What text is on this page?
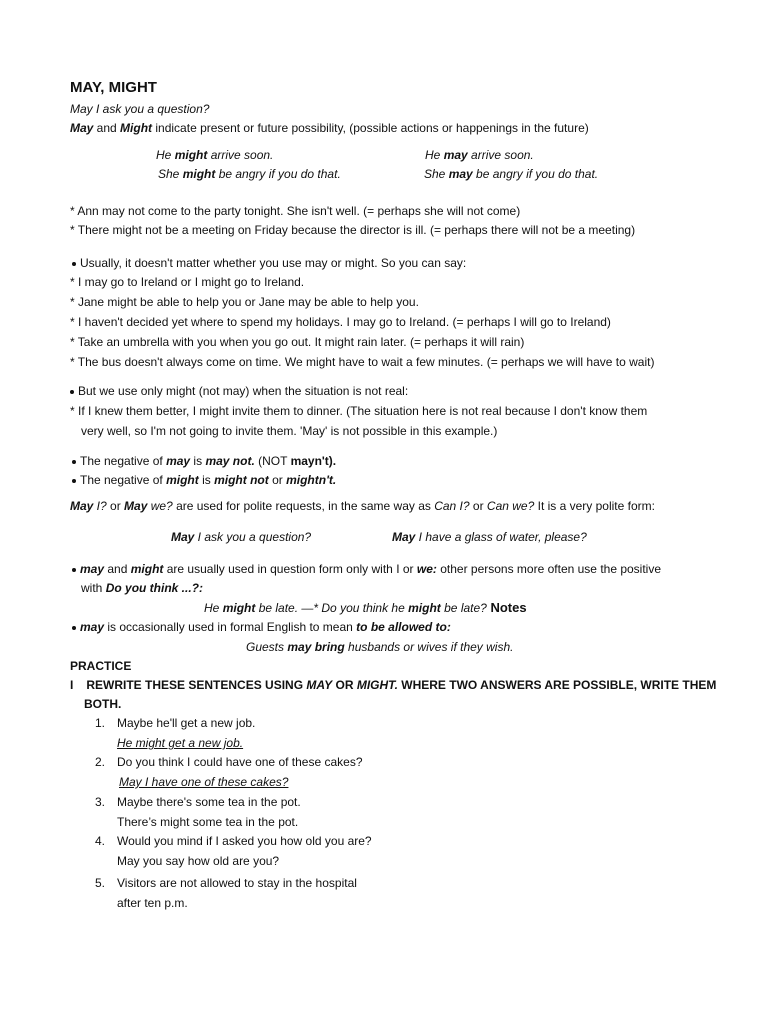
MAY, MIGHT
May I ask you a question?
May and Might indicate present or future possibility, (possible actions or happenings in the future)
He might arrive soon.
She might be angry if you do that.
He may arrive soon.
She may be angry if you do that.
* Ann may not come to the party tonight. She isn't well. (= perhaps she will not come)
* There might not be a meeting on Friday because the director is ill. (= perhaps there will not be a meeting)
Usually, it doesn't matter whether you use may or might. So you can say:
* I may go to Ireland or I might go to Ireland.
* Jane might be able to help you or Jane may be able to help you.
* I haven't decided yet where to spend my holidays. I may go to Ireland. (= perhaps I will go to Ireland)
* Take an umbrella with you when you go out. It might rain later. (= perhaps it will rain)
* The bus doesn't always come on time. We might have to wait a few minutes. (= perhaps we will have to wait)
But we use only might (not may) when the situation is not real:
* If I knew them better, I might invite them to dinner. (The situation here is not real because I don't know them
very well, so I'm not going to invite them. 'May' is not possible in this example.)
The negative of may is may not. (NOT mayn't).
The negative of might is might not or mightn't.
May I? or May we? are used for polite requests, in the same way as Can I? or Can we? It is a very polite form:
May I ask you a question?	May I have a glass of water, please?
may and might are usually used in question form only with I or we: other persons more often use the positive
with Do you think ...?:
He might be late. —* Do you think he might be late? Notes
may is occasionally used in formal English to mean to be allowed to:
Guests may bring husbands or wives if they wish.
PRACTICE
I REWRITE THESE SENTENCES USING MAY OR MIGHT. WHERE TWO ANSWERS ARE POSSIBLE, WRITE THEM
BOTH.
1. Maybe he'll get a new job.
He might get a new job.
2. Do you think I could have one of these cakes?
May I have one of these cakes?
3. Maybe there's some tea in the pot.
There’s might some tea in the pot.
4. Would you mind if I asked you how old you are?
May you say how old are you?
5. Visitors are not allowed to stay in the hospital
after ten p.m.
